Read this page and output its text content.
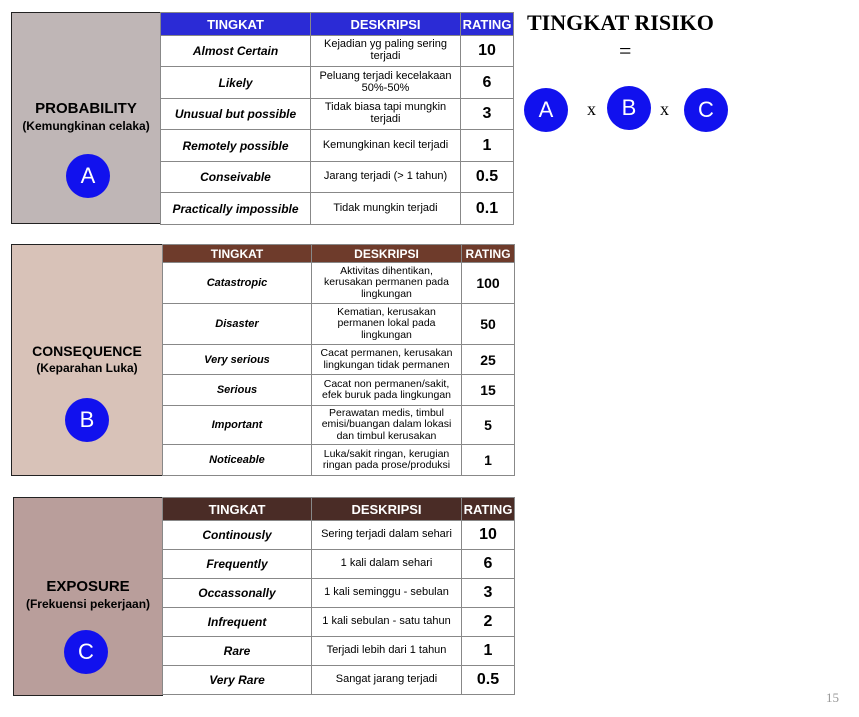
PROBABILITY
(Kemungkinan celaka)
A
TINGKAT	DESKRIPSI	RATING
Almost Certain	Kejadian yg paling sering terjadi	10
Likely	Peluang terjadi kecelakaan 50%-50%	6
Unusual but possible	Tidak biasa tapi mungkin terjadi	3
Remotely possible	Kemungkinan kecil terjadi	1
Conseivable	Jarang terjadi (> 1 tahun)	0.5
Practically impossible	Tidak mungkin terjadi	0.1
CONSEQUENCE
(Keparahan Luka)
B
TINGKAT	DESKRIPSI	RATING
Catastropic	Aktivitas dihentikan, kerusakan permanen pada lingkungan	100
Disaster	Kematian, kerusakan permanen lokal pada lingkungan	50
Very serious	Cacat permanen, kerusakan lingkungan tidak permanen	25
Serious	Cacat non permanen/sakit, efek buruk pada lingkungan	15
Important	Perawatan medis, timbul emisi/buangan dalam lokasi dan timbul kerusakan	5
Noticeable	Luka/sakit ringan, kerugian ringan pada prose/produksi	1
EXPOSURE
(Frekuensi pekerjaan)
C
TINGKAT	DESKRIPSI	RATING
Continously	Sering terjadi dalam sehari	10
Frequently	1 kali dalam sehari	6
Occassonally	1 kali seminggu - sebulan	3
Infrequent	1 kali sebulan - satu tahun	2
Rare	Terjadi lebih dari 1 tahun	1
Very Rare	Sangat jarang terjadi	0.5
TINGKAT RISIKO
=
A	x	B	x	C
15
